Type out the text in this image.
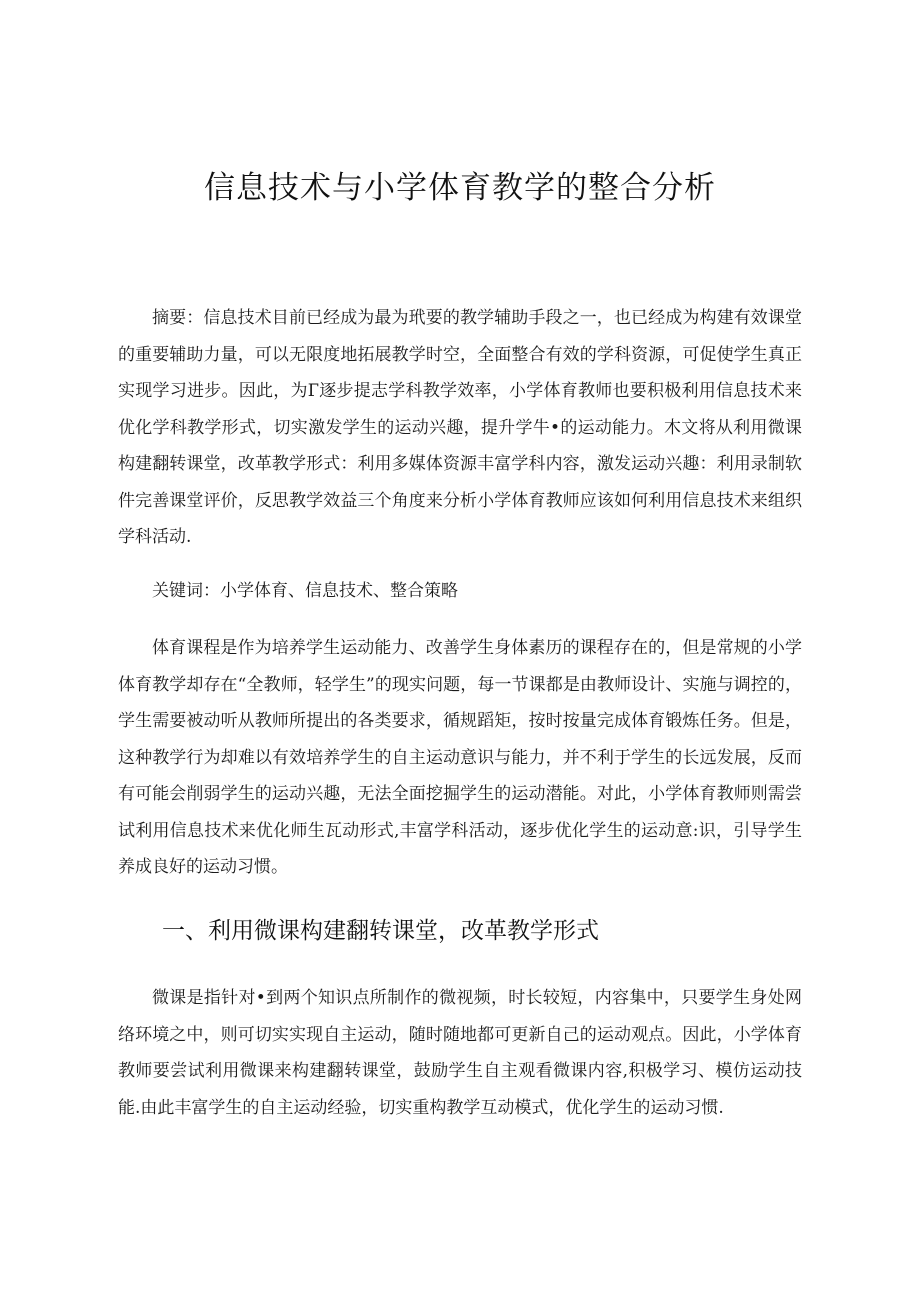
信息技术与小学体育教学的整合分析

摘要：信息技术目前已经成为最为玳要的教学辅助手段之一，也已经成为构建有效课堂的重要辅助力量，可以无限度地拓展教学时空，全面整合有效的学科资源，可促使学生真正实现学习进步。因此，为Г逐步提志学科教学效率，小学体育教师也要积极利用信息技术来优化学科教学形式，切实激发学生的运动兴趣，提升学牛•的运动能力。木文将从利用微课构建翻转课堂，改革教学形式：利用多媒体资源丰富学科内容，激发运动兴趣：利用录制软件完善课堂评价，反思教学效益三个角度来分析小学体育教师应该如何利用信息技术来组织学科活动.

关键词：小学体育、信息技术、整合策略

体育课程是作为培养学生运动能力、改善学生身体素历的课程存在的，但是常规的小学体育教学却存在“全教师，轻学生”的现实问题，每一节课都是由教师设计、实施与调控的，学生需要被动听从教师所提出的各类要求，循规蹈矩，按时按量完成体育锻炼任务。但是，这种教学行为却难以有效培养学生的自主运动意识与能力，并不利于学生的长远发展，反而有可能会削弱学生的运动兴趣，无法全面挖掘学生的运动潜能。对此，小学体育教师则需尝试利用信息技术来优化师生瓦动形式,丰富学科活动，逐步优化学生的运动意:识，引导学生养成良好的运动习惯。

一、利用微课构建翻转课堂，改革教学形式

微课是指针对•到两个知识点所制作的微视频，时长较短，内容集中，只要学生身处网络环境之中，则可切实实现自主运动，随时随地都可更新自己的运动观点。因此，小学体育教师要尝试利用微课来构建翻转课堂，鼓励学生自主观看微课内容,积极学习、模仿运动技能.由此丰富学生的自主运动经验，切实重构教学互动模式，优化学生的运动习惯.
